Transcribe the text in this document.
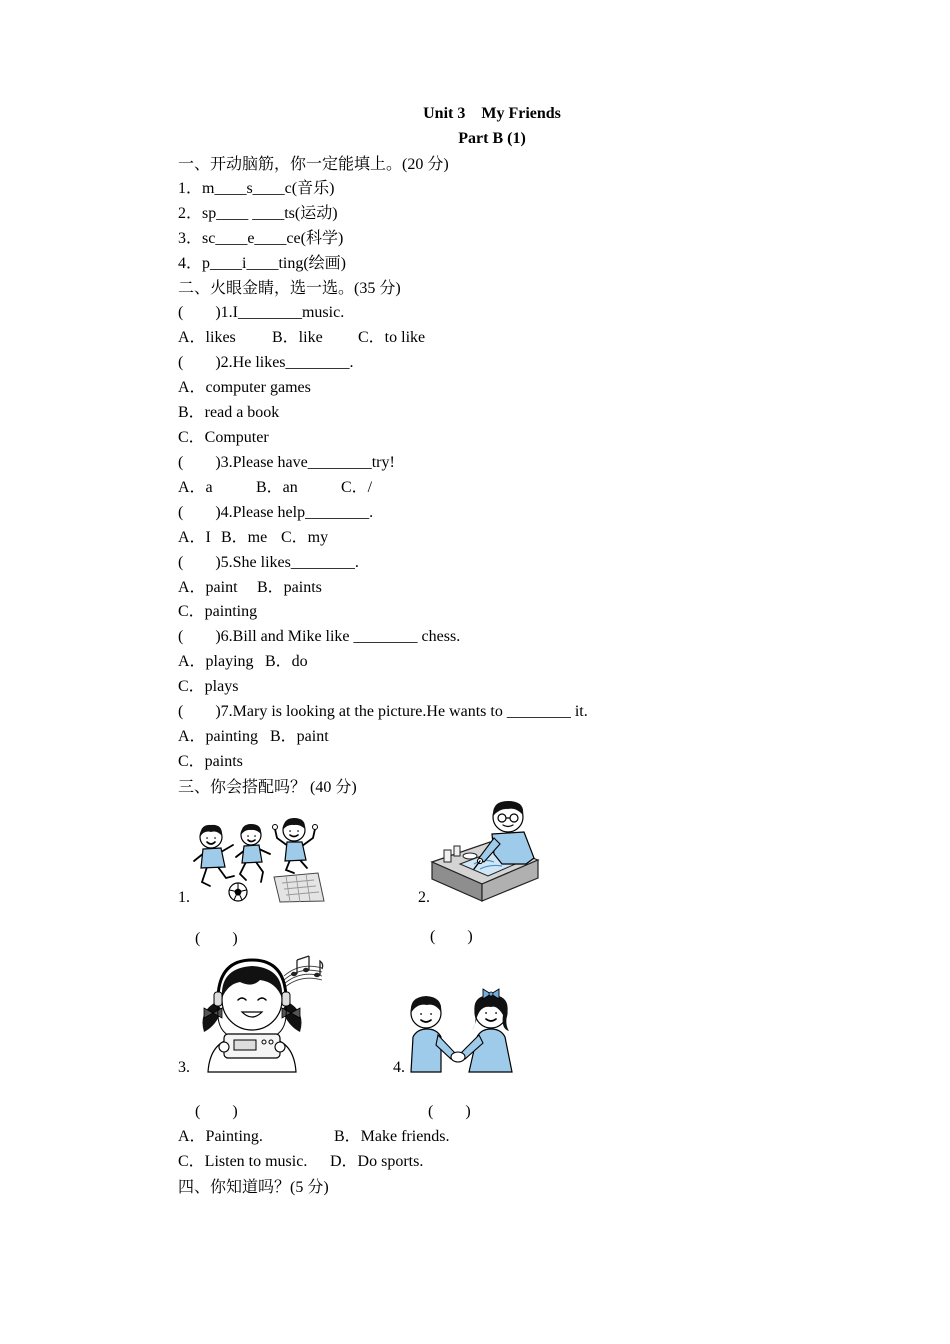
Unit 3　My Friends
Part B (1)
一、开动脑筋，你一定能填上。(20 分)
1．m____s____c(音乐)
2．sp____ ____ts(运动)
3．sc____e____ce(科学)
4．p____i____ting(绘画)
二、火眼金睛，选一选。(35 分)
(　　)1.I________music.
A．likes	B．like	C．to like
(　　)2.He likes________.
A．computer games
B．read a book
C．Computer
(　　)3.Please have________try!
A．a	B．an	C．/
(　　)4.Please help________.
A．I B．me C．my
(　　)5.She likes________.
A．paint	B．paints
C．painting
(　　)6.Bill and Mike like ________ chess.
A．playing B．do
C．plays
(　　)7.Mary is looking at the picture.He wants to ________ it.
A．painting B．paint
C．paints
三、你会搭配吗？ (40 分)
1.	2.
(　　)	(　　)
3.	4.
(　　)	(　　)
A．Painting.	B．Make friends.
C．Listen to music.	D．Do sports.
四、你知道吗？(5 分)
